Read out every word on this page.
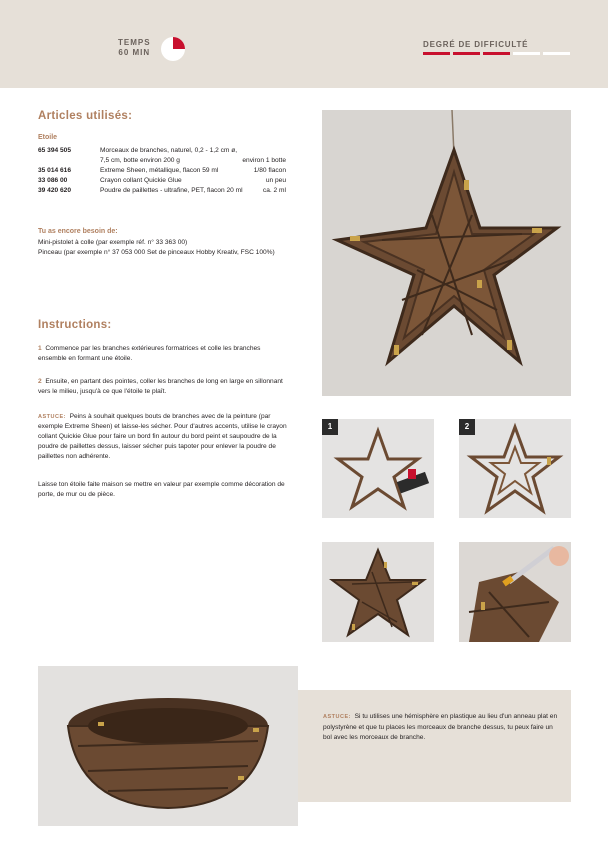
TEMPS
60 MIN
DEGRÉ DE DIFFICULTÉ
Articles utilisés:
Etoile
65 394 505	Morceaux de branches, naturel, 0,2 - 1,2 cm ø,
7,5 cm, botte environ 200 g	environ 1 botte
35 014 616	Extreme Sheen, métallique, flacon 59 ml	1/80 flacon
33 086 00	Crayon collant Quickie Glue	un peu
39 420 620	Poudre de paillettes - ultrafine, PET, flacon 20 ml	ca. 2 ml
Tu as encore besoin de:
Mini-pistolet à colle (par exemple réf. n° 33 363 00)
Pinceau (par exemple n° 37 053 000 Set de pinceaux Hobby Kreativ, FSC 100%)
Instructions:
1 Commence par les branches extérieures formatrices et colle les branches ensemble en formant une étoile.
2 Ensuite, en partant des pointes, coller les branches de long en large en sillonnant vers le milieu, jusqu'à ce que l'étoile te plaît.
ASTUCE: Peins à souhait quelques bouts de branches avec de la peinture (par exemple Extreme Sheen) et laisse-les sécher. Pour d'autres accents, utilise le crayon collant Quickie Glue pour faire un bord fin autour du bord peint et saupoudre de la poudre de paillettes dessus, laisser sécher puis tapoter pour enlever la poudre de paillettes non adhérente.
Laisse ton étoile faite maison se mettre en valeur par exemple comme décoration de porte, de mur ou de pièce.
1	2
ASTUCE: Si tu utilises une hémisphère en plastique au lieu d'un anneau plat en polystyrène et que tu places les morceaux de branche dessus, tu peux faire un bol avec les morceaux de branche.
